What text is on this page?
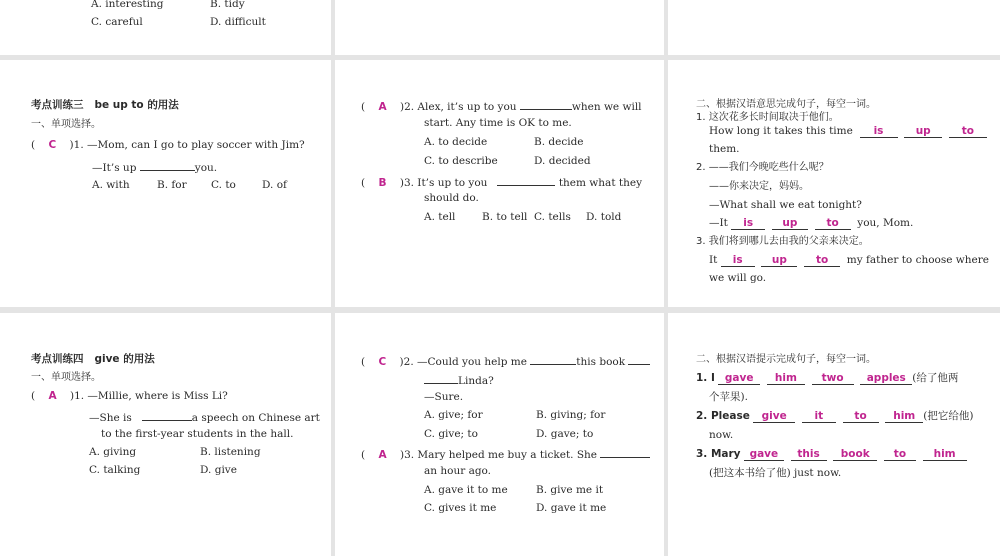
A. interesting	B. tidy
C. careful	D. difficult
考点训练三 be up to 的用法
一、单项选择。
( C )1. —Mom, can I go to play soccer with Jim?
—It’s up	you.
A. with	B. for C. to D. of
( A )2. Alex, it’s up to you	when we will
start. Any time is OK to me.
A. to decide	B. decide
C. to describe	D. decided
( B )3. It’s up to you	them what they
should do.
A. tell	B. to tell C. tells D. told
二、根据汉语意思完成句子，每空一词。
1. 这次花多长时间取决于他们。
How long it takes this time is	up	to
them.
2. ——我们今晚吃些什么呢？
——你来决定，妈妈。
—What shall we eat tonight?
—It is	up	to you, Mom.
3. 我们将到哪儿去由我的父亲来决定。
It is	up	to my father to choose where
we will go.
考点训练四 give 的用法
一、单项选择。
( A )1. —Millie, where is Miss Li?
—She is	a speech on Chinese art
to the first-year students in the hall.
A. giving	B. listening
C. talking	D. give
( C )2. —Could you help me	this book
Linda?
—Sure.
A. give; for	B. giving; for
C. give; to	D. gave; to
( A )3. Mary helped me buy a ticket. She
an hour ago.
A. gave it to me	B. give me it
C. gives it me	D. gave it me
二、根据汉语提示完成句子，每空一词。
1. I gave him two apples (给了他两
个苹果).
2. Please give	it	to	him (把它给他)
now.
3. Mary gave this book to	him
(把这本书给了他) just now.
